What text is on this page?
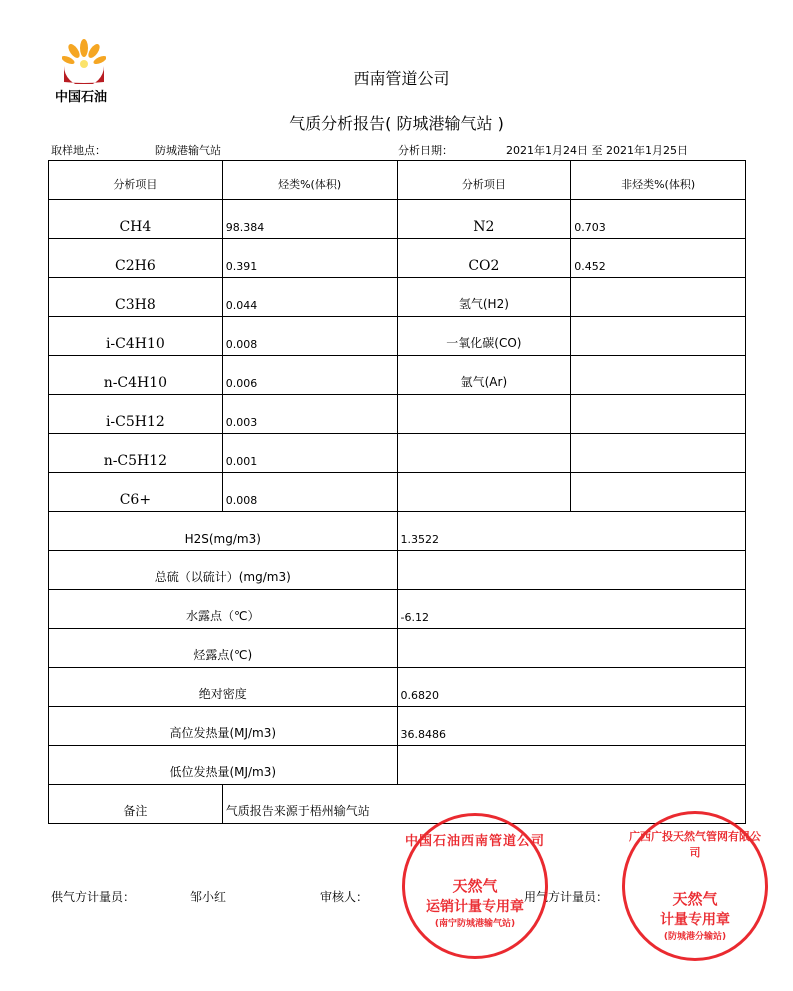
中国石油
西南管道公司
气质分析报告( 防城港输气站 )
取样地点：	防城港输气站	分析日期：	2021年1月24日 至 2021年1月25日
分析项目	烃类%(体积)	分析项目	非烃类%(体积)
CH4	98.384	N2	0.703
C2H6	0.391	CO2	0.452
C3H8	0.044	氢气(H2)	
i-C4H10	0.008	一氧化碳(CO)	
n-C4H10	0.006	氩气(Ar)	
i-C5H12	0.003		
n-C5H12	0.001		
C6+	0.008		
H2S(mg/m3)		1.3522	
总硫（以硫计）(mg/m3)			
水露点（℃）		-6.12	
烃露点(℃)			
绝对密度		0.6820	
高位发热量(MJ/m3)		36.8486	
低位发热量(MJ/m3)			
备注	气质报告来源于梧州输气站		
供气方计量员：	邹小红	审核人：	用气方计量员：
中国石油西南管道公司
天然气
运销计量专用章
(南宁防城港输气站)
广西广投天然气管网有限公司
天然气
计量专用章
(防城港分输站)
